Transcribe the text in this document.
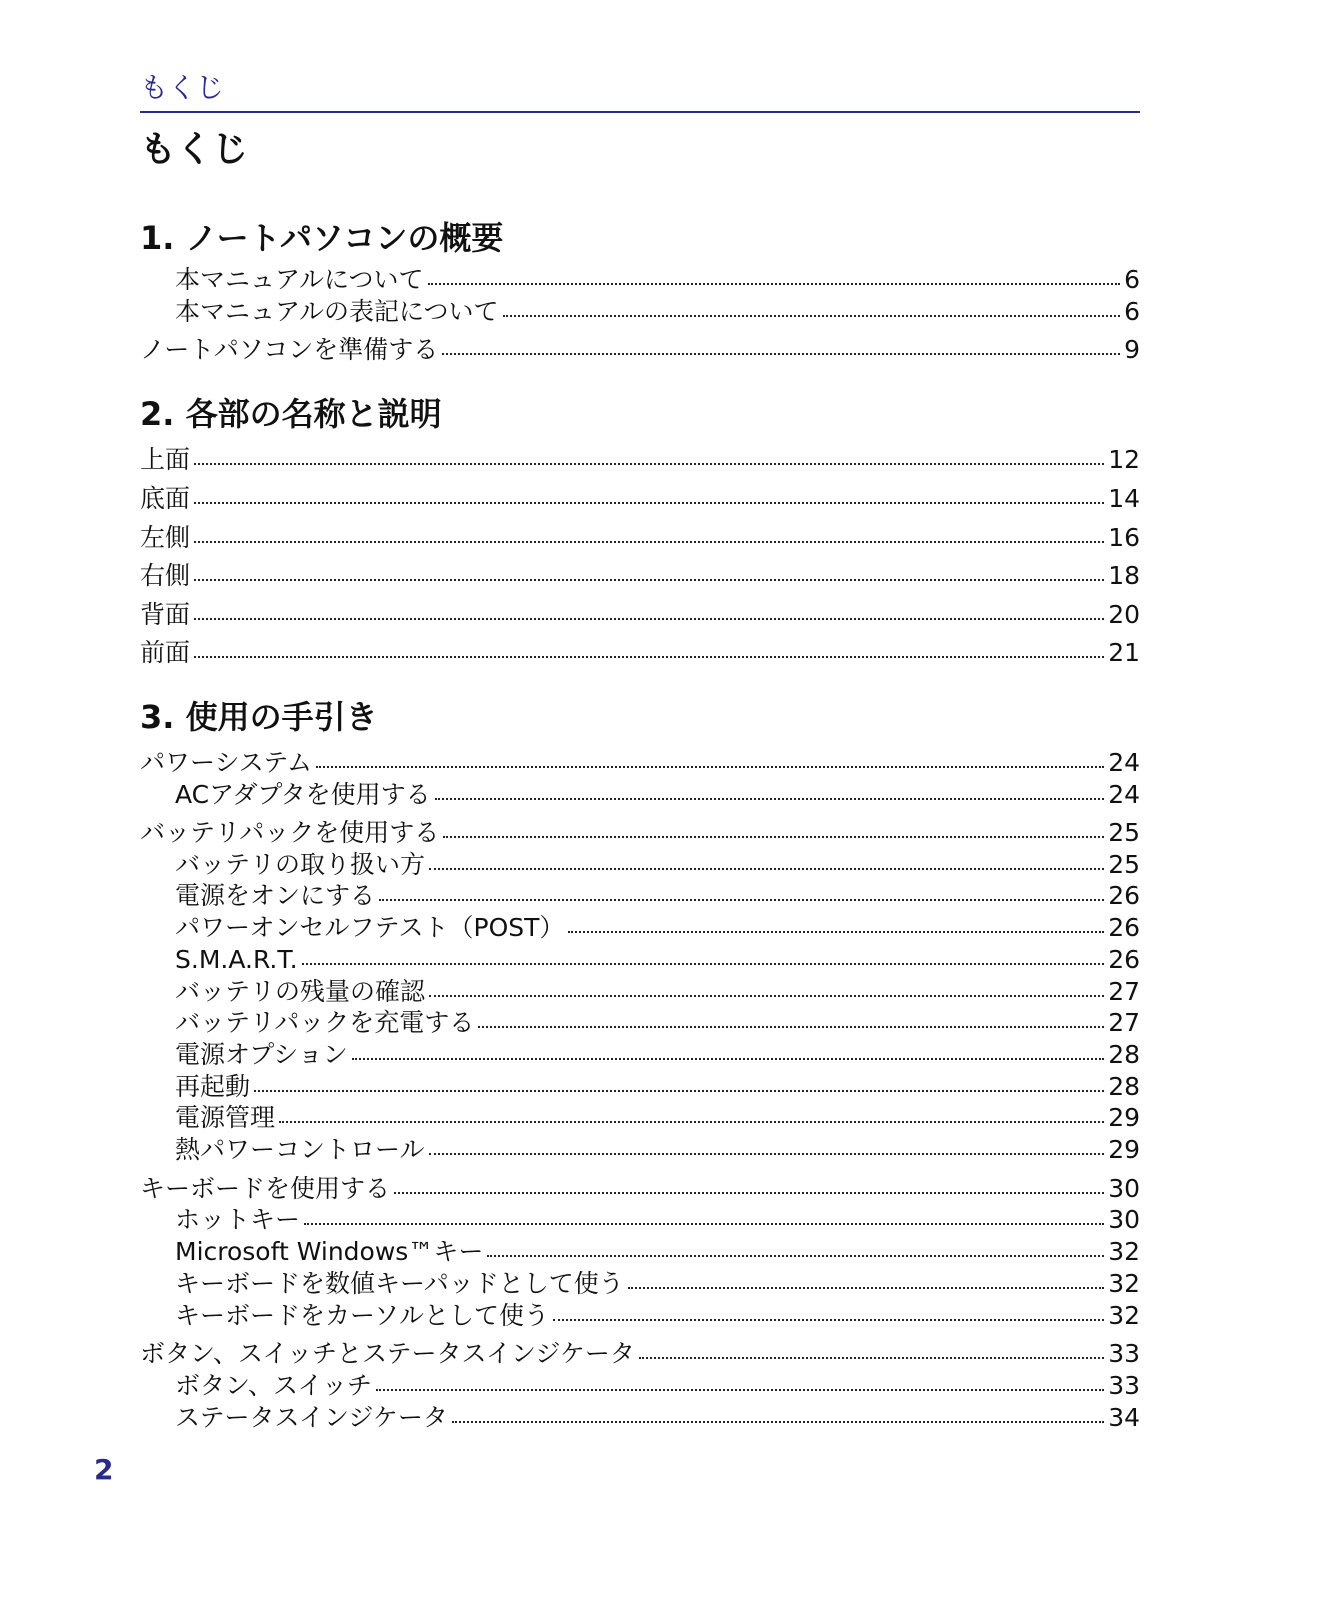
もくじ
もくじ
1. ノートパソコンの概要
本マニュアルについて	6
本マニュアルの表記について	6
ノートパソコンを準備する	9
2. 各部の名称と説明
上面	12
底面	14
左側	16
右側	18
背面	20
前面	21
3. 使用の手引き
パワーシステム	24
ACアダプタを使用する	24
バッテリパックを使用する	25
バッテリの取り扱い方	25
電源をオンにする	26
パワーオンセルフテスト（POST）	26
S.M.A.R.T.	26
バッテリの残量の確認	27
バッテリパックを充電する	27
電源オプション	28
再起動	28
電源管理	29
熱パワーコントロール	29
キーボードを使用する	30
ホットキー	30
Microsoft Windows™キー	32
キーボードを数値キーパッドとして使う	32
キーボードをカーソルとして使う	32
ボタン、スイッチとステータスインジケータ	33
ボタン、スイッチ	33
ステータスインジケータ	34
2
